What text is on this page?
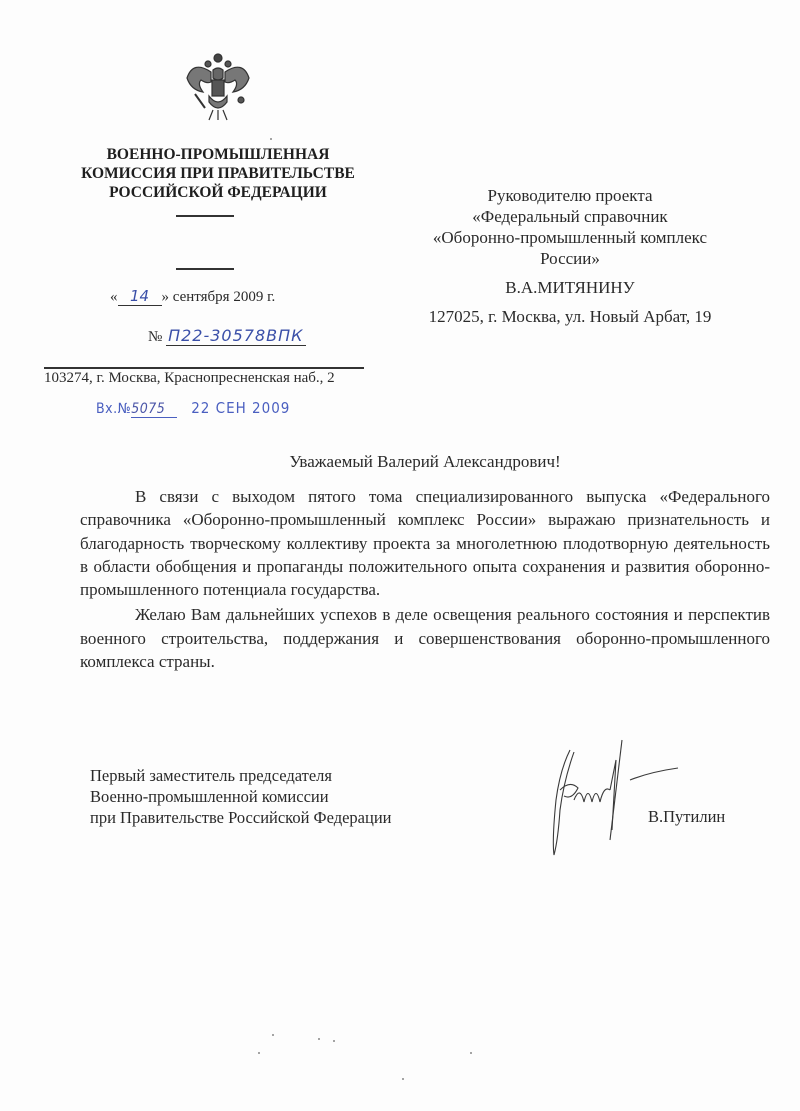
ВОЕННО-ПРОМЫШЛЕННАЯ
КОМИССИЯ ПРИ ПРАВИТЕЛЬСТВЕ
РОССИЙСКОЙ ФЕДЕРАЦИИ
« 14 » сентября 2009 г.
№ П22-30578ВПК
103274, г. Москва, Краснопресненская наб., 2
Вх.№5075 22 СЕН 2009
Руководителю проекта
«Федеральный справочник
«Оборонно-промышленный комплекс
России»
В.А.МИТЯНИНУ
127025, г. Москва, ул. Новый Арбат, 19
Уважаемый Валерий Александрович!

В связи с выходом пятого тома специализированного выпуска «Федерального справочника «Оборонно-промышленный комплекс России» выражаю признательность и благодарность творческому коллективу проекта за многолетнюю плодотворную деятельность в области обобщения и пропаганды положительного опыта сохранения и развития оборонно-промышленного потенциала государства.

Желаю Вам дальнейших успехов в деле освещения реального состояния и перспектив военного строительства, поддержания и совершенствования оборонно-промышленного комплекса страны.

Первый заместитель председателя
Военно-промышленной комиссии
при Правительстве Российской Федерации	В.Путилин
